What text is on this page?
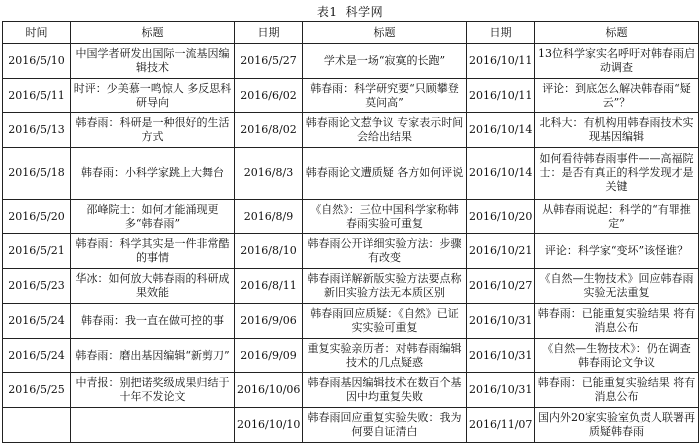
表1 科学网
时间	标题	日期	标题	日期	标题
2016/5/10	中国学者研发出国际一流基因编辑技术	2016/5/27	学术是一场“寂寞的长跑”	2016/10/11	13位科学家实名呼吁对韩春雨启动调查
2016/5/11	时评：少美慕一鸣惊人 多反思科研导向	2016/6/02	韩春雨：科学研究要“只顾攀登莫问高”	2016/10/11	评论：到底怎么解决韩春雨“疑云”？
2016/5/13	韩春雨：科研是一种很好的生活方式	2016/8/02	韩春雨论文惹争议 专家表示时间会给出结果	2016/10/14	北科大：有机构用韩春雨技术实现基因编辑
2016/5/18	韩春雨：小科学家跳上大舞台	2016/8/3	韩春雨论文遭质疑 各方如何评说	2016/10/14	如何看待韩春雨事件——高福院士：是否有真正的科学发现才是关键
2016/5/20	邵峰院士：如何才能涌现更多“韩春雨”	2016/8/9	《自然》：三位中国科学家称韩春雨实验可重复	2016/10/20	从韩春雨说起：科学的“有罪推定”
2016/5/21	韩春雨：科学其实是一件非常酷的事情	2016/8/10	韩春雨公开详细实验方法：步骤有改变	2016/10/21	评论：科学家“变坏”该怪谁？
2016/5/23	华冰：如何放大韩春雨的科研成果效能	2016/8/11	韩春雨详解新版实验方法要点称新旧实验方法无本质区别	2016/10/27	《自然—生物技术》回应韩春雨实验无法重复
2016/5/24	韩春雨：我一直在做可控的事	2016/9/06	韩春雨回应质疑：《自然》已证实实验可重复	2016/10/31	韩春雨：已能重复实验结果 将有消息公布
2016/5/24	韩春雨：磨出基因编辑“新剪刀”	2016/9/09	重复实验亲历者：对韩春雨编辑技术的几点疑惑	2016/10/31	《自然—生物技术》：仍在调查韩春雨论文争议
2016/5/25	中青报：别把诺奖级成果归结于十年不发论文	2016/10/06	韩春雨基因编辑技术在数百个基因中均重复失败	2016/10/31	韩春雨：已能重复实验结果 将有消息公布
		2016/10/10	韩春雨回应重复实验失败：我为何要自证清白	2016/11/07	国内外20家实验室负责人联署再质疑韩春雨
